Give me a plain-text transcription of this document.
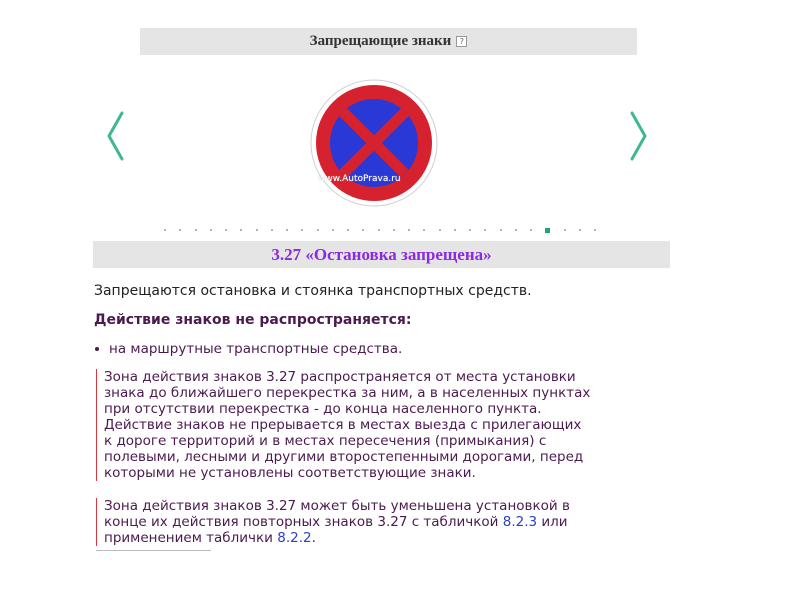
Запрещающие знаки	?
www.AutoPrava.ru
3.27 «Остановка запрещена»
Запрещаются остановка и стоянка транспортных средств.
Действие знаков не распространяется:
на маршрутные транспортные средства.
Зона действия знаков 3.27 распространяется от места установки
знака до ближайшего перекрестка за ним, а в населенных пунктах
при отсутствии перекрестка - до конца населенного пункта.
Действие знаков не прерывается в местах выезда с прилегающих
к дороге территорий и в местах пересечения (примыкания) с
полевыми, лесными и другими второстепенными дорогами, перед
которыми не установлены соответствующие знаки.
Зона действия знаков 3.27 может быть уменьшена установкой в
конце их действия повторных знаков 3.27 с табличкой 8.2.3 или
применением таблички 8.2.2.
